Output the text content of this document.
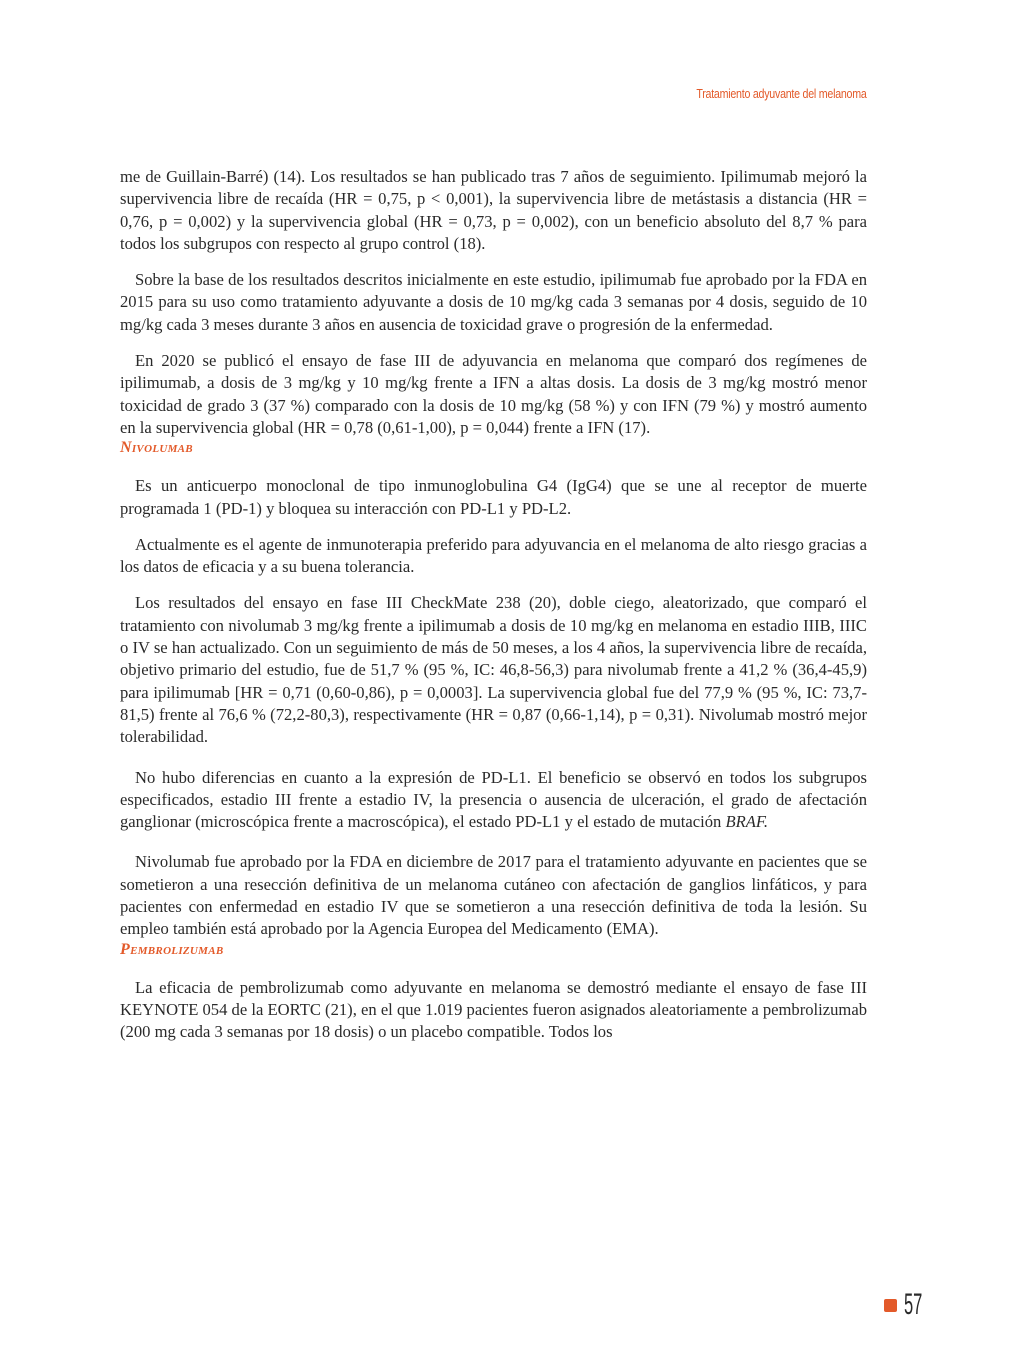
Tratamiento adyuvante del melanoma

me de Guillain-Barré) (14). Los resultados se han publicado tras 7 años de seguimiento. Ipilimumab mejoró la supervivencia libre de recaída (HR = 0,75, p < 0,001), la supervivencia libre de metástasis a distancia (HR = 0,76, p = 0,002) y la supervivencia global (HR = 0,73, p = 0,002), con un beneficio absoluto del 8,7 % para todos los subgrupos con respecto al grupo control (18).

Sobre la base de los resultados descritos inicialmente en este estudio, ipilimumab fue aprobado por la FDA en 2015 para su uso como tratamiento adyuvante a dosis de 10 mg/kg cada 3 semanas por 4 dosis, seguido de 10 mg/kg cada 3 meses durante 3 años en ausencia de toxicidad grave o progresión de la enfermedad.

En 2020 se publicó el ensayo de fase III de adyuvancia en melanoma que comparó dos regímenes de ipilimumab, a dosis de 3 mg/kg y 10 mg/kg frente a IFN a altas dosis. La dosis de 3 mg/kg mostró menor toxicidad de grado 3 (37 %) comparado con la dosis de 10 mg/kg (58 %) y con IFN (79 %) y mostró aumento en la supervivencia global (HR = 0,78 (0,61-1,00), p = 0,044) frente a IFN (17).

Nivolumab

Es un anticuerpo monoclonal de tipo inmunoglobulina G4 (IgG4) que se une al receptor de muerte programada 1 (PD-1) y bloquea su interacción con PD-L1 y PD-L2.

Actualmente es el agente de inmunoterapia preferido para adyuvancia en el melanoma de alto riesgo gracias a los datos de eficacia y a su buena tolerancia.

Los resultados del ensayo en fase III CheckMate 238 (20), doble ciego, aleatorizado, que comparó el tratamiento con nivolumab 3 mg/kg frente a ipilimumab a dosis de 10 mg/kg en melanoma en estadio IIIB, IIIC o IV se han actualizado. Con un seguimiento de más de 50 meses, a los 4 años, la supervivencia libre de recaída, objetivo primario del estudio, fue de 51,7 % (95 %, IC: 46,8-56,3) para nivolumab frente a 41,2 % (36,4-45,9) para ipilimumab [HR = 0,71 (0,60-0,86), p = 0,0003]. La supervivencia global fue del 77,9 % (95 %, IC: 73,7-81,5) frente al 76,6 % (72,2-80,3), respectivamente (HR = 0,87 (0,66-1,14), p = 0,31). Nivolumab mostró mejor tolerabilidad.

No hubo diferencias en cuanto a la expresión de PD-L1. El beneficio se observó en todos los subgrupos especificados, estadio III frente a estadio IV, la presencia o ausencia de ulceración, el grado de afectación ganglionar (microscópica frente a macroscópica), el estado PD-L1 y el estado de mutación BRAF.

Nivolumab fue aprobado por la FDA en diciembre de 2017 para el tratamiento adyuvante en pacientes que se sometieron a una resección definitiva de un melanoma cutáneo con afectación de ganglios linfáticos, y para pacientes con enfermedad en estadio IV que se sometieron a una resección definitiva de toda la lesión. Su empleo también está aprobado por la Agencia Europea del Medicamento (EMA).

Pembrolizumab

La eficacia de pembrolizumab como adyuvante en melanoma se demostró mediante el ensayo de fase III KEYNOTE 054 de la EORTC (21), en el que 1.019 pacientes fueron asignados aleatoriamente a pembrolizumab (200 mg cada 3 semanas por 18 dosis) o un placebo compatible. Todos los

57
